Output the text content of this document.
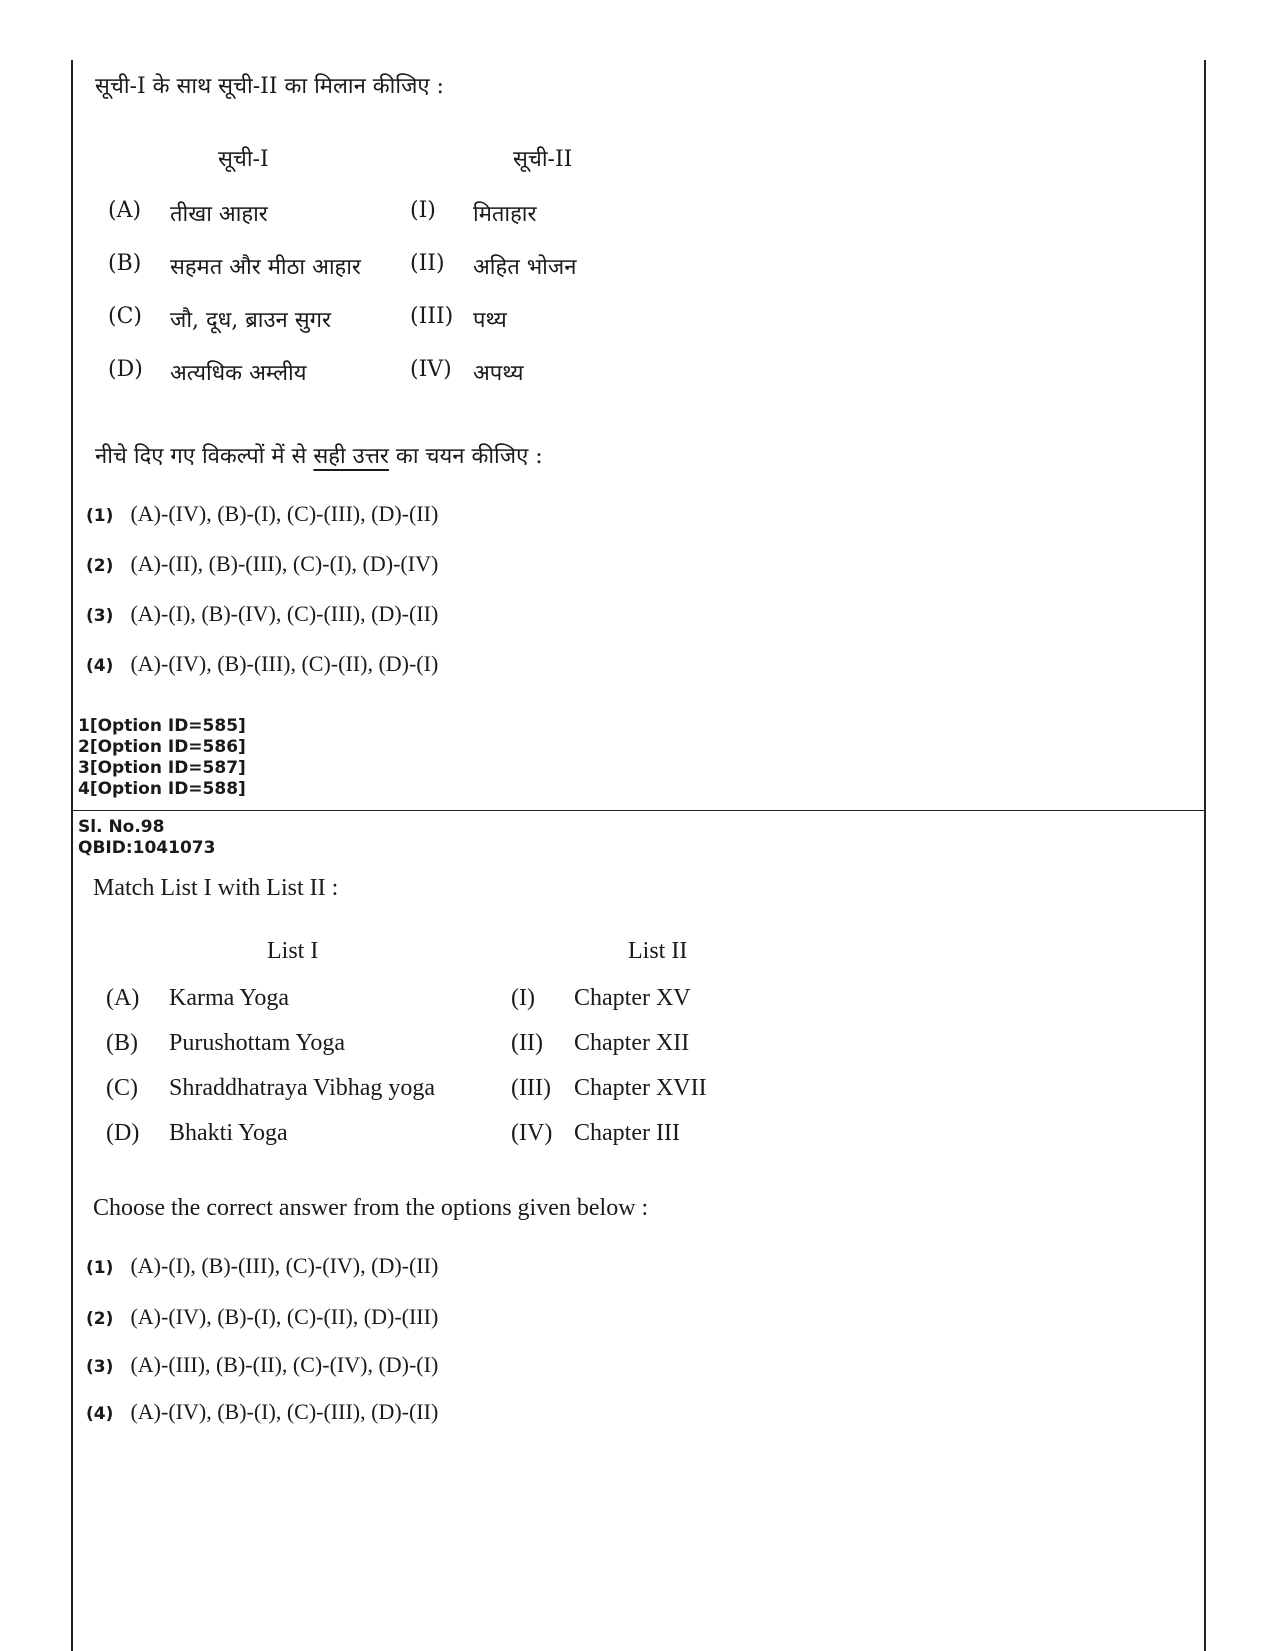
सूची-I के साथ सूची-II का मिलान कीजिए :
सूची-I	सूची-II
(A) तीखा आहार	(I) मिताहार
(B) सहमत और मीठा आहार (II) अहित भोजन
(C) जौ, दूध, ब्राउन सुगर	(III) पथ्य
(D) अत्यधिक अम्लीय	(IV) अपथ्य
नीचे दिए गए विकल्पों में से सही उत्तर का चयन कीजिए :
(1) (A)-(IV), (B)-(I), (C)-(III), (D)-(II)
(2) (A)-(II), (B)-(III), (C)-(I), (D)-(IV)
(3) (A)-(I), (B)-(IV), (C)-(III), (D)-(II)
(4) (A)-(IV), (B)-(III), (C)-(II), (D)-(I)
1[Option ID=585]
2[Option ID=586]
3[Option ID=587]
4[Option ID=588]
Sl. No.98
QBID:1041073
Match List I with List II :
List I	List II
(A) Karma Yoga	(I) Chapter XV
(B) Purushottam Yoga	(II) Chapter XII
(C) Shraddhatraya Vibhag yoga	(III) Chapter XVII
(D) Bhakti Yoga	(IV) Chapter III
Choose the correct answer from the options given below :
(1) (A)-(I), (B)-(III), (C)-(IV), (D)-(II)
(2) (A)-(IV), (B)-(I), (C)-(II), (D)-(III)
(3) (A)-(III), (B)-(II), (C)-(IV), (D)-(I)
(4) (A)-(IV), (B)-(I), (C)-(III), (D)-(II)
